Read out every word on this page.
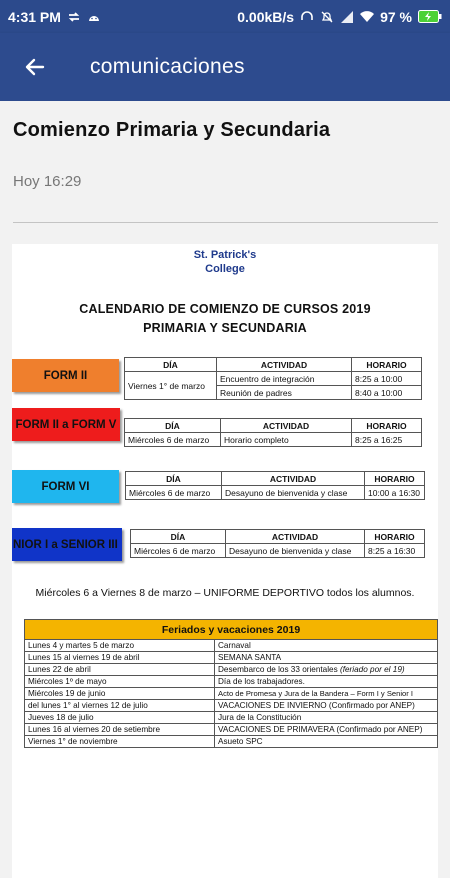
4:31 PM	0.00kB/s	97 %
comunicaciones
Comienzo Primaria y Secundaria
Hoy 16:29
St. Patrick's
College
CALENDARIO DE COMIENZO DE CURSOS 2019
PRIMARIA Y SECUNDARIA
FORM II
DÍA	ACTIVIDAD	HORARIO
Viernes 1° de marzo	Encuentro de integración	8:25 a 10:00
	Reunión de padres	8:40 a 10:00
FORM II a FORM V	DÍA	ACTIVIDAD	HORARIO
Miércoles 6 de marzo	Horario completo	8:25 a 16:25
FORM VI
DÍA	ACTIVIDAD	HORARIO
Miércoles 6 de marzo	Desayuno de bienvenida y clase	10:00 a 16:30
NIOR I a SENIOR III
DÍA	ACTIVIDAD	HORARIO
Miércoles 6 de marzo	Desayuno de bienvenida y clase	8:25 a 16:30
Miércoles 6 a Viernes 8 de marzo – UNIFORME DEPORTIVO todos los alumnos.
Feriados y vacaciones 2019	
Lunes 4 y martes 5 de marzo	Carnaval
Lunes 15 al viernes 19 de abril	SEMANA SANTA
Lunes 22 de abril	Desembarco de los 33 orientales (feriado por el 19)
Miércoles 1º de mayo	Día de los trabajadores.
Miércoles 19 de junio	Acto de Promesa y Jura de la Bandera – Form I y Senior I
del lunes 1° al viernes 12 de julio	VACACIONES DE INVIERNO (Confirmado por ANEP)
Jueves 18 de julio	Jura de la Constitución
Lunes 16 al viernes 20 de setiembre	VACACIONES DE PRIMAVERA (Confirmado por ANEP)
Viernes 1° de noviembre	Asueto SPC
